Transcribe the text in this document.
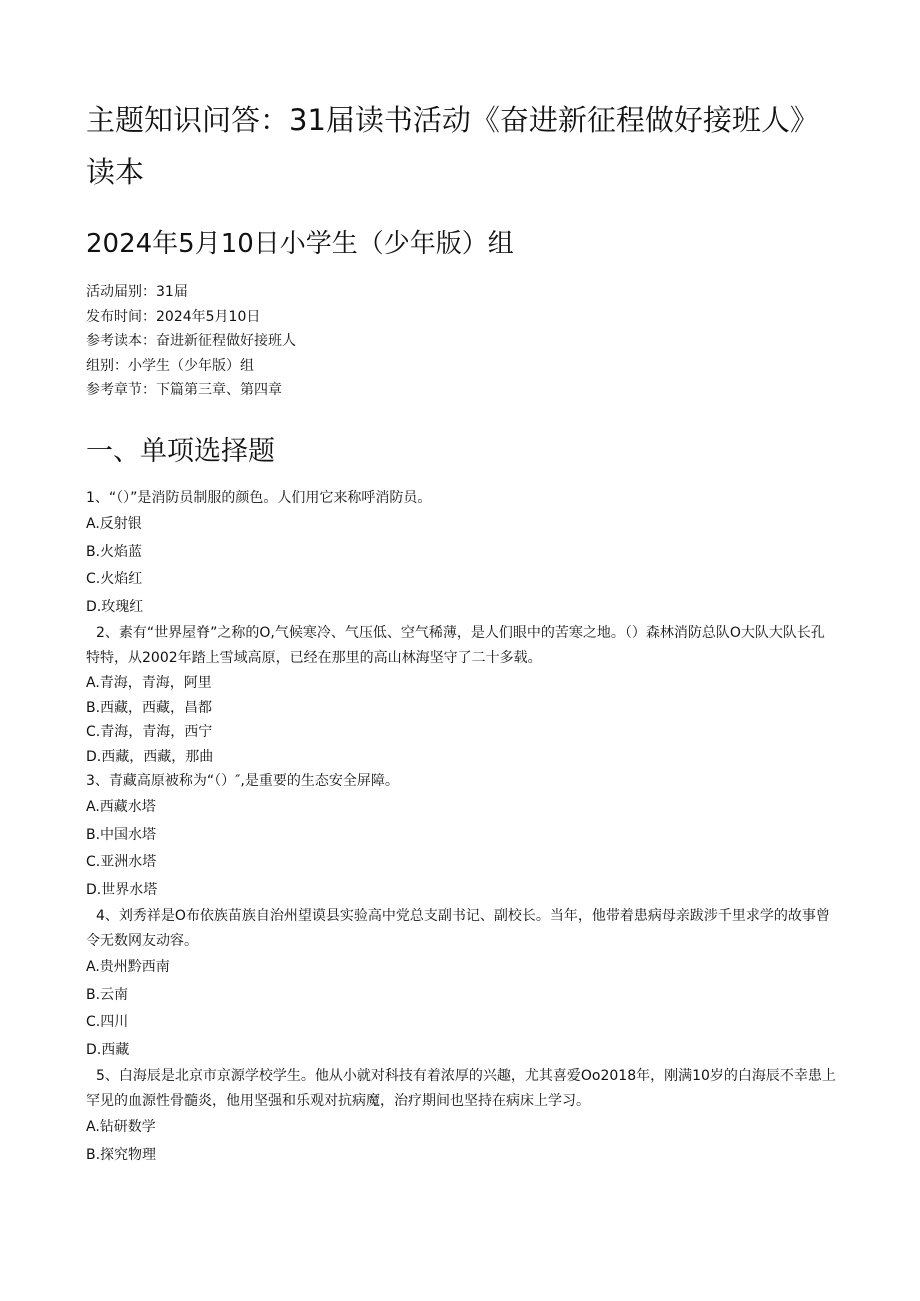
主题知识问答：31届读书活动《奋进新征程做好接班人》读本
2024年5月10日小学生（少年版）组
活动届别：31届
发布时间：2024年5月10日
参考读本：奋进新征程做好接班人
组别：小学生（少年版）组
参考章节：下篇第三章、第四章
一、单项选择题

1、“（）”是消防员制服的颜色。人们用它来称呼消防员。

A.反射银

B.火焰蓝

C.火焰红

D.玫瑰红

2、素有“世界屋脊”之称的O,气候寒冷、气压低、空气稀薄，是人们眼中的苦寒之地。（）森林消防总队O大队大队长孔特特，从2002年踏上雪域高原，已经在那里的高山林海坚守了二十多载。

A.青海，青海，阿里

B.西藏，西藏，昌都

C.青海，青海，西宁

D.西藏，西藏，那曲

3、青藏高原被称为“（）″,是重要的生态安全屏障。

A.西藏水塔

B.中国水塔

C.亚洲水塔

D.世界水塔

4、刘秀祥是O布依族苗族自治州望谟县实验高中党总支副书记、副校长。当年，他带着患病母亲跋涉千里求学的故事曾令无数网友动容。

A.贵州黔西南

B.云南

C.四川

D.西藏

5、白海辰是北京市京源学校学生。他从小就对科技有着浓厚的兴趣，尤其喜爱Oo2018年，刚满10岁的白海辰不幸患上罕见的血源性骨髓炎，他用坚强和乐观对抗病魔，治疗期间也坚持在病床上学习。

A.钻研数学

B.探究物理
